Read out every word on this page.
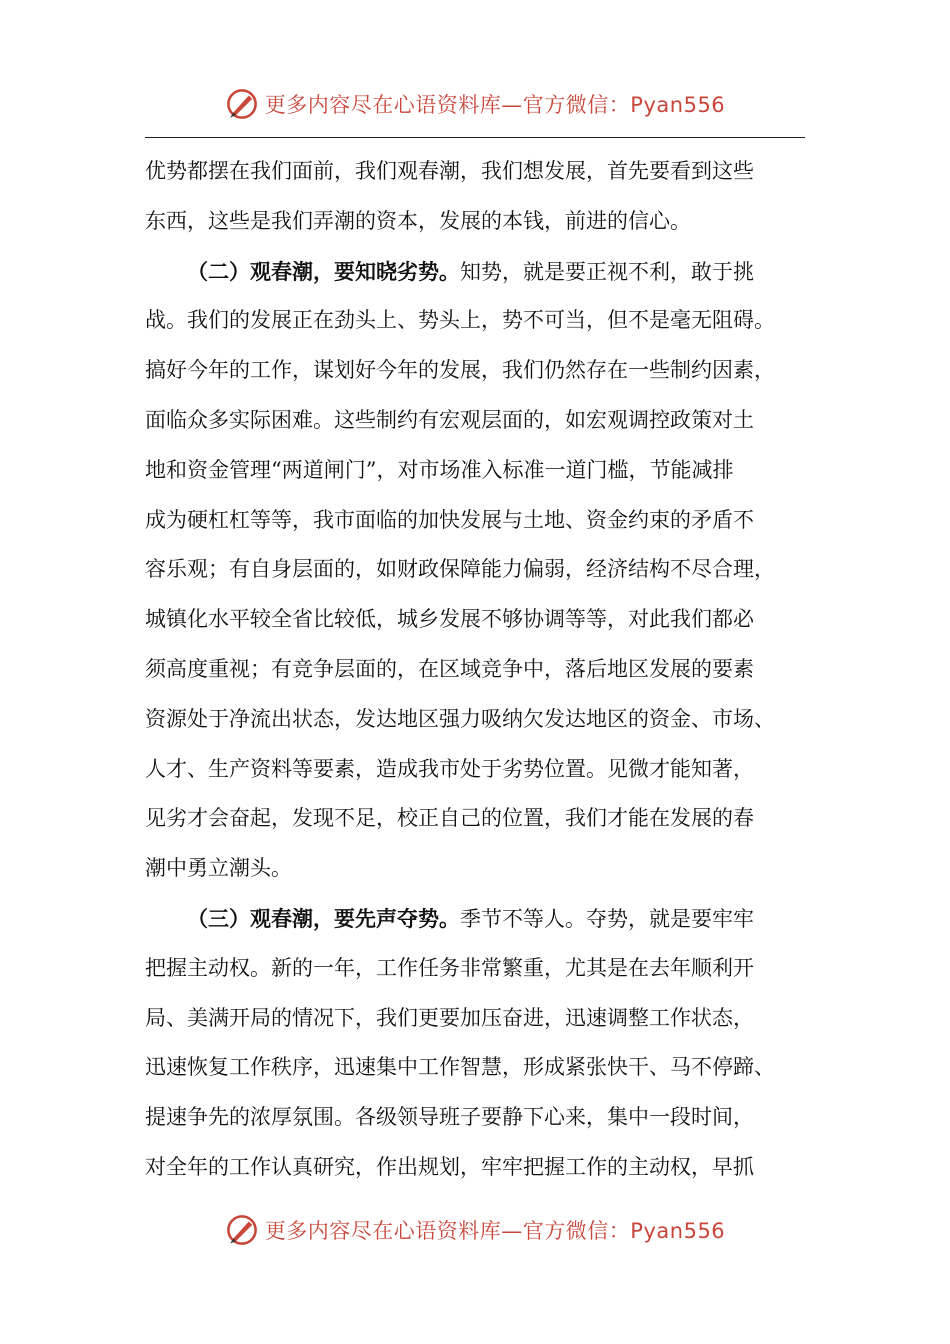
更多内容尽在心语资料库—官方微信：Pyan556
优势都摆在我们面前，我们观春潮，我们想发展，首先要看到这些
东西，这些是我们弄潮的资本，发展的本钱，前进的信心。
（二）观春潮，要知晓劣势。知势，就是要正视不利，敢于挑
战。我们的发展正在劲头上、势头上，势不可当，但不是毫无阻碍。
搞好今年的工作，谋划好今年的发展，我们仍然存在一些制约因素，
面临众多实际困难。这些制约有宏观层面的，如宏观调控政策对土
地和资金管理“两道闸门”，对市场准入标准一道门槛，节能减排
成为硬杠杠等等，我市面临的加快发展与土地、资金约束的矛盾不
容乐观；有自身层面的，如财政保障能力偏弱，经济结构不尽合理，
城镇化水平较全省比较低，城乡发展不够协调等等，对此我们都必
须高度重视；有竞争层面的，在区域竞争中，落后地区发展的要素
资源处于净流出状态，发达地区强力吸纳欠发达地区的资金、市场、
人才、生产资料等要素，造成我市处于劣势位置。见微才能知著，
见劣才会奋起，发现不足，校正自己的位置，我们才能在发展的春
潮中勇立潮头。
（三）观春潮，要先声夺势。季节不等人。夺势，就是要牢牢
把握主动权。新的一年，工作任务非常繁重，尤其是在去年顺利开
局、美满开局的情况下，我们更要加压奋进，迅速调整工作状态，
迅速恢复工作秩序，迅速集中工作智慧，形成紧张快干、马不停蹄、
提速争先的浓厚氛围。各级领导班子要静下心来，集中一段时间，
对全年的工作认真研究，作出规划，牢牢把握工作的主动权，早抓
更多内容尽在心语资料库—官方微信：Pyan556
